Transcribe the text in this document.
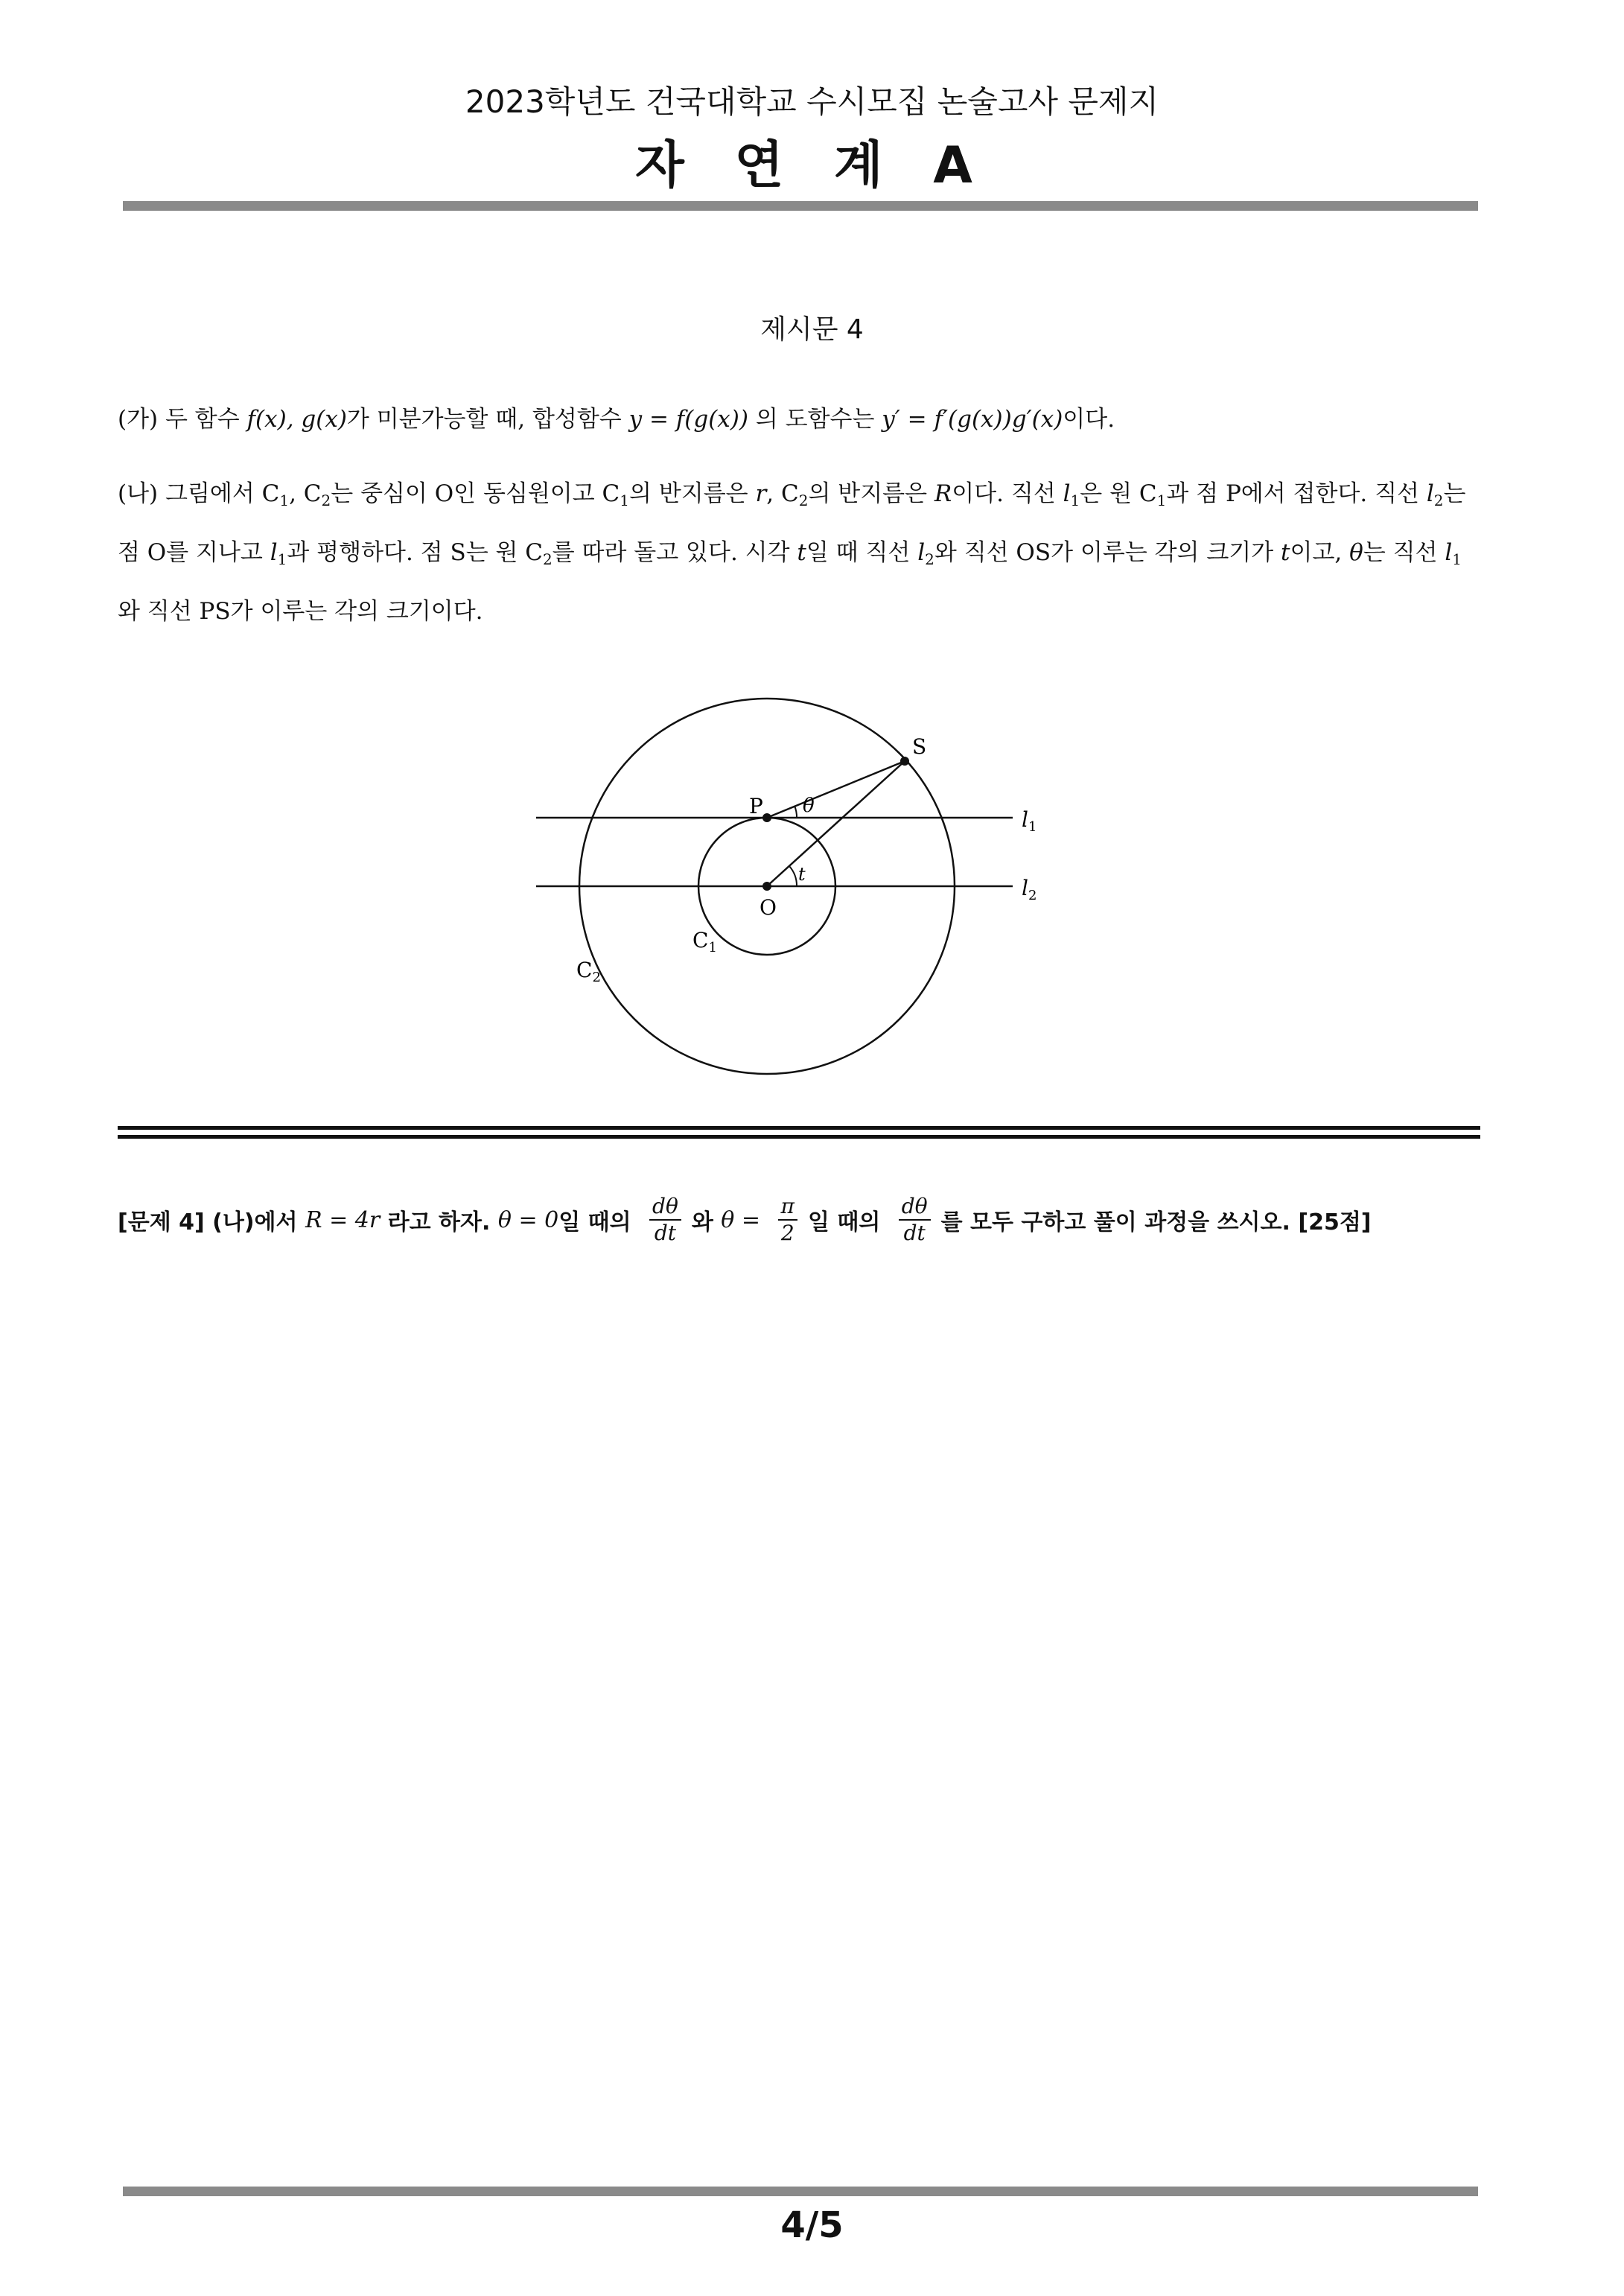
2023학년도 건국대학교 수시모집 논술고사 문제지
자 연 계 A
제시문 4
(가) 두 함수 f(x), g(x)가 미분가능할 때, 합성함수 y = f(g(x)) 의 도함수는 y′ = f′(g(x))g′(x)이다.
(나) 그림에서 $C_1$, $C_2$는 중심이 O인 동심원이고 $C_1$의 반지름은 r, $C_2$의 반지름은 R이다. 직선 $l_1$은 원 $C_1$과 점 P에서 접한다. 직선 $l_2$는 점 O를 지나고 $l_1$과 평행하다. 점 S는 원 $C_2$를 따라 돌고 있다. 시각 t일 때 직선 $l_2$와 직선 OS가 이루는 각의 크기가 t이고, θ는 직선 $l_1$와 직선 PS가 이루는 각의 크기이다.
S
P
O
θ
t
$l_1$
$l_2$
$C_1$
$C_2$
[문제 4] (나)에서 R = 4r 라고 하자. θ = 0 일 때의 $\frac{d\theta}{dt}$ 와 $\theta = \frac{\pi}{2}$ 일 때의 $\frac{d\theta}{dt}$ 를 모두 구하고 풀이 과정을 쓰시오. [25점]
4/5
